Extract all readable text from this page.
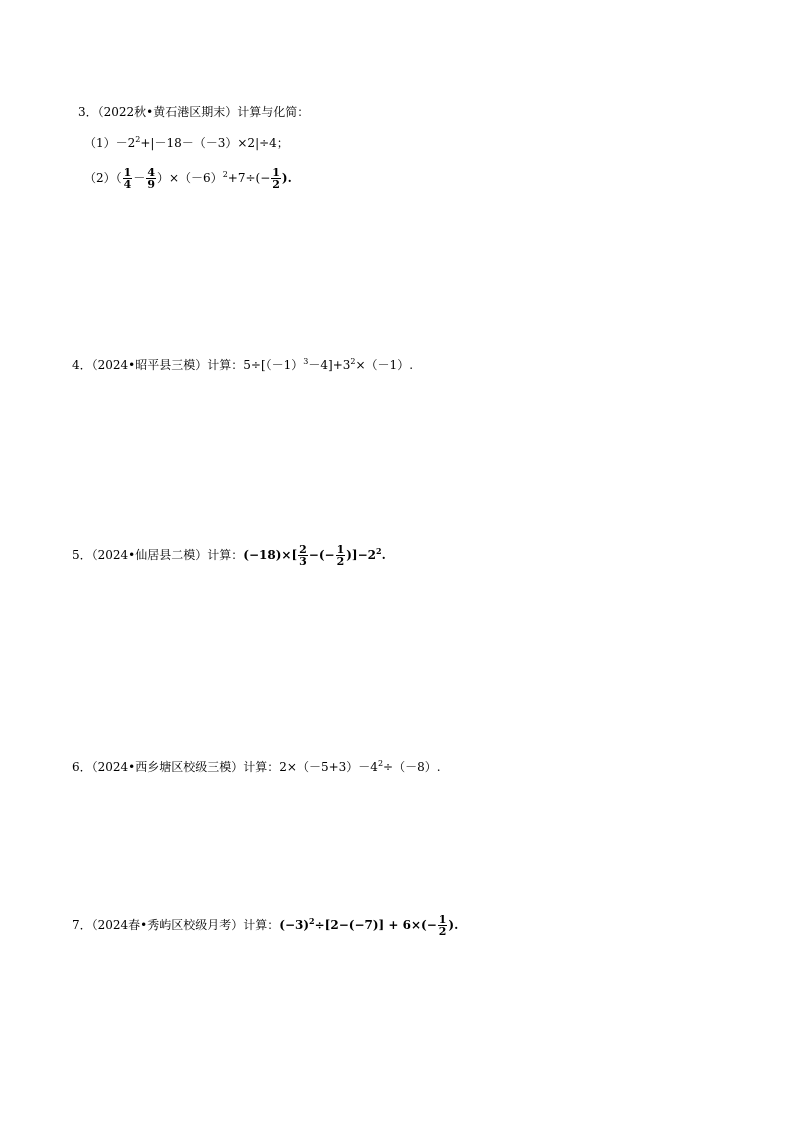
3．（2022秋•黄石港区期末）计算与化简：
$(1)-2^2+|-18-(-3)\times 2|\div 4$；
$(2)( \frac{1}{4} - \frac{4}{9} )\times(-6)^2+7\div(- \frac{1}{2}$ ).
4．（2024•昭平县三模）计算：$5\div[(-1)^3-4]+3^2\times(-1)$.
5．（2024•仙居县二模）计算：$(-18)\times[ \frac{2}{3}$ −(− $\frac{1}{2} )]-2^2$.
6．（2024•西乡塘区校级三模）计算：$2\times(-5+3)-4^2\div(-8)$.
7．（2024春•秀屿区校级月考）计算：$(-3)^2\div[2-(-7)] + 6\times(- \frac{1}{2}$ ).
